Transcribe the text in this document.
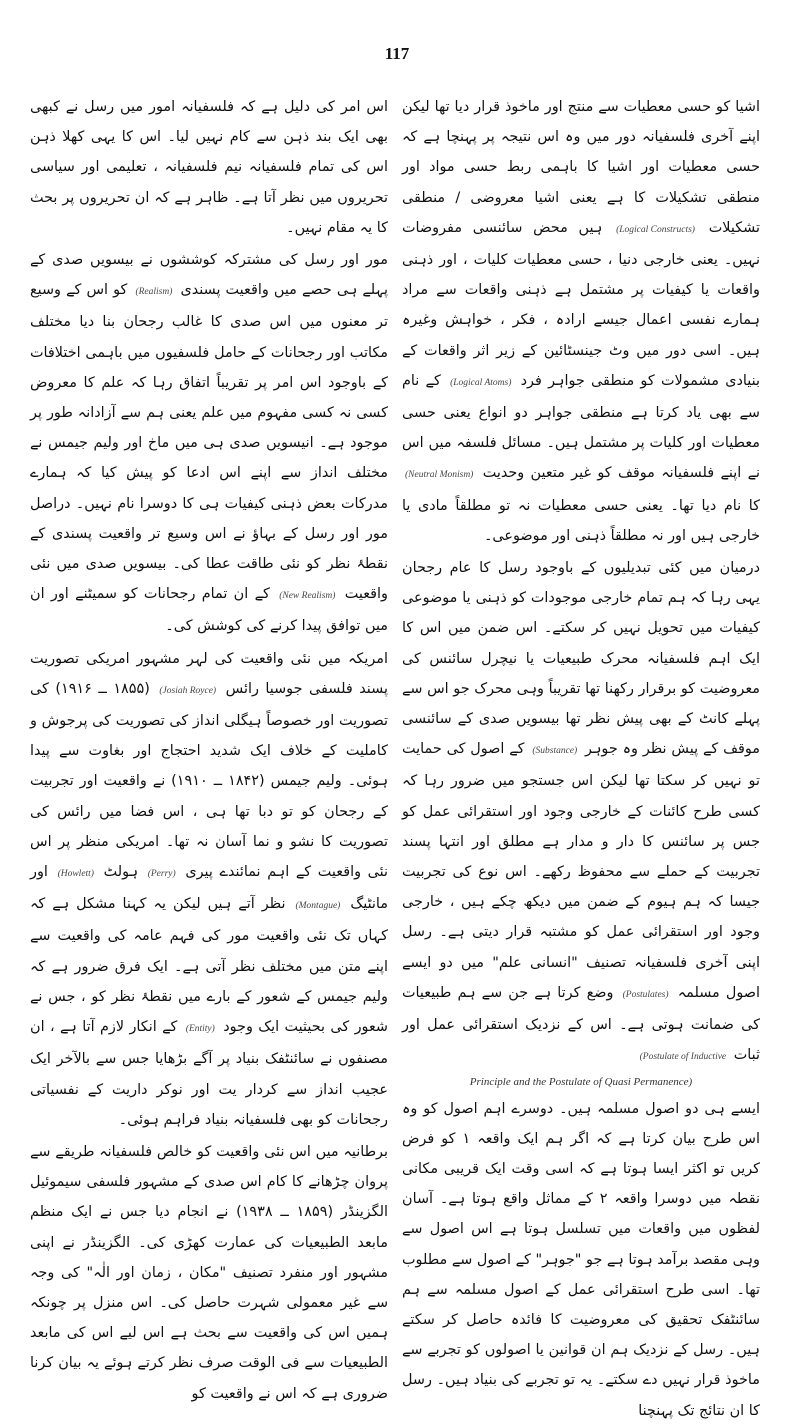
117

اشیا کو حسی معطیات سے منتج اور ماخوذ قرار دیا تھا لیکن اپنے آخری فلسفیانہ دور میں وہ اس نتیجہ پر پہنچا ہے کہ حسی معطیات اور اشیا کا باہمی ربط حسی مواد اور منطقی تشکیلات کا ہے یعنی اشیا معروضی / منطقی تشکیلات (Logical Constructs) ہیں محض سائنسی مفروضات نہیں۔ یعنی خارجی دنیا ، حسی معطیات کلیات ، اور ذہنی واقعات یا کیفیات پر مشتمل ہے ذہنی واقعات سے مراد ہمارے نفسی اعمال جیسے ارادہ ، فکر ، خواہش وغیرہ ہیں۔ اسی دور میں وٹ جینسٹائین کے زیر اثر واقعات کے بنیادی مشمولات کو منطقی جواہر فرد (Logical Atoms) کے نام سے بھی یاد کرتا ہے منطقی جواہر دو انواع یعنی حسی معطیات اور کلیات پر مشتمل ہیں۔ مسائل فلسفہ میں اس نے اپنے فلسفیانہ موقف کو غیر متعین وحدیت (Neutral Monism) کا نام دیا تھا۔ یعنی حسی معطیات نہ تو مطلقاً مادی یا خارجی ہیں اور نہ مطلقاً ذہنی اور موضوعی۔

درمیان میں کئی تبدیلیوں کے باوجود رسل کا عام رجحان یہی رہا کہ ہم تمام خارجی موجودات کو ذہنی یا موضوعی کیفیات میں تحویل نہیں کر سکتے۔ اس ضمن میں اس کا ایک اہم فلسفیانہ محرک طبیعیات یا نیچرل سائنس کی معروضیت کو برقرار رکھنا تھا تقریباً وہی محرک جو اس سے پہلے کانٹ کے بھی پیش نظر تھا بیسویں صدی کے سائنسی موقف کے پیش نظر وہ جوہر (Substance) کے اصول کی حمایت تو نہیں کر سکتا تھا لیکن اس جستجو میں ضرور رہا کہ کسی طرح کائنات کے خارجی وجود اور استقرائی عمل کو جس پر سائنس کا دار و مدار ہے مطلق اور انتہا پسند تجربیت کے حملے سے محفوظ رکھے۔ اس نوع کی تجربیت جیسا کہ ہم ہیوم کے ضمن میں دیکھ چکے ہیں ، خارجی وجود اور استقرائی عمل کو مشتبہ قرار دیتی ہے۔ رسل اپنی آخری فلسفیانہ تصنیف "انسانی علم" میں دو ایسے اصول مسلمہ (Postulates) وضع کرتا ہے جن سے ہم طبیعیات کی ضمانت ہوتی ہے۔ اس کے نزدیک استقرائی عمل اور ثبات (Postulate of Inductive

Principle and the Postulate of Quasi Permanence)

ایسے ہی دو اصول مسلمہ ہیں۔ دوسرے اہم اصول کو وہ اس طرح بیان کرتا ہے کہ اگر ہم ایک واقعہ ۱ کو فرض کریں تو اکثر ایسا ہوتا ہے کہ اسی وقت ایک قریبی مکانی نقطہ میں دوسرا واقعہ ۲ کے مماثل واقع ہوتا ہے۔ آسان لفظوں میں واقعات میں تسلسل ہوتا ہے اس اصول سے وہی مقصد برآمد ہوتا ہے جو "جوہر" کے اصول سے مطلوب تھا۔ اسی طرح استقرائی عمل کے اصول مسلمہ سے ہم سائنٹفک تحقیق کی معروضیت کا فائدہ حاصل کر سکتے ہیں۔ رسل کے نزدیک ہم ان قوانین یا اصولوں کو تجربے سے ماخوذ قرار نہیں دے سکتے۔ یہ تو تجربے کی بنیاد ہیں۔ رسل کا ان نتائج تک پہنچنا

اس امر کی دلیل ہے کہ فلسفیانہ امور میں رسل نے کبھی بھی ایک بند ذہن سے کام نہیں لیا۔ اس کا یہی کھلا ذہن اس کی تمام فلسفیانہ نیم فلسفیانہ ، تعلیمی اور سیاسی تحریروں میں نظر آتا ہے۔ ظاہر ہے کہ ان تحریروں پر بحث کا یہ مقام نہیں۔

مور اور رسل کی مشترکہ کوششوں نے بیسویں صدی کے پہلے ہی حصے میں واقعیت پسندی (Realism) کو اس کے وسیع تر معنوں میں اس صدی کا غالب رجحان بنا دیا مختلف مکاتب اور رجحانات کے حامل فلسفیوں میں باہمی اختلافات کے باوجود اس امر پر تقریباً اتفاق رہا کہ علم کا معروض کسی نہ کسی مفہوم میں علم یعنی ہم سے آزادانہ طور پر موجود ہے۔ انیسویں صدی ہی میں ماخ اور ولیم جیمس نے مختلف انداز سے اپنے اس ادعا کو پیش کیا کہ ہمارے مدرکات بعض ذہنی کیفیات ہی کا دوسرا نام نہیں۔ دراصل مور اور رسل کے بہاؤ نے اس وسیع تر واقعیت پسندی کے نقطۂ نظر کو نئی طاقت عطا کی۔ بیسویں صدی میں نئی واقعیت (New Realism) کے ان تمام رجحانات کو سمیٹنے اور ان میں توافق پیدا کرنے کی کوشش کی۔

امریکہ میں نئی واقعیت کی لہر مشہور امریکی تصوریت پسند فلسفی جوسیا رائس (Josiah Royce) (۱۸۵۵ ــ ۱۹۱۶) کی تصوریت اور خصوصاً ہیگلی انداز کی تصوریت کی پرجوش و کاملیت کے خلاف ایک شدید احتجاج اور بغاوت سے پیدا ہوئی۔ ولیم جیمس (۱۸۴۲ ــ ۱۹۱۰) نے واقعیت اور تجربیت کے رجحان کو تو دبا تھا ہی ، اس فضا میں رائس کی تصوریت کا نشو و نما آسان نہ تھا۔ امریکی منظر پر اس نئی واقعیت کے اہم نمائندے پیری (Perry) ہولٹ (Howlett) اور مانٹیگ (Montague) نظر آتے ہیں لیکن یہ کہنا مشکل ہے کہ کہاں تک نئی واقعیت مور کی فہم عامہ کی واقعیت سے اپنے متن میں مختلف نظر آتی ہے۔ ایک فرق ضرور ہے کہ ولیم جیمس کے شعور کے بارے میں نقطۂ نظر کو ، جس نے شعور کی بحیثیت ایک وجود (Entity) کے انکار لازم آتا ہے ، ان مصنفوں نے سائنٹفک بنیاد پر آگے بڑھایا جس سے بالآخر ایک عجیب انداز سے کردار یت اور نوکر داریت کے نفسیاتی رجحانات کو بھی فلسفیانہ بنیاد فراہم ہوئی۔

برطانیہ میں اس نئی واقعیت کو خالص فلسفیانہ طریقے سے پروان چڑھانے کا کام اس صدی کے مشہور فلسفی سیموئیل الگزینڈر (۱۸۵۹ ــ ۱۹۳۸) نے انجام دیا جس نے ایک منظم مابعد الطبیعیات کی عمارت کھڑی کی۔ الگزینڈر نے اپنی مشہور اور منفرد تصنیف "مکان ، زمان اور الٰہ" کی وجہ سے غیر معمولی شہرت حاصل کی۔ اس منزل پر چونکہ ہمیں اس کی واقعیت سے بحث ہے اس لیے اس کی مابعد الطبیعیات سے فی الوقت صرف نظر کرتے ہوئے یہ بیان کرنا ضروری ہے کہ اس نے واقعیت کو
